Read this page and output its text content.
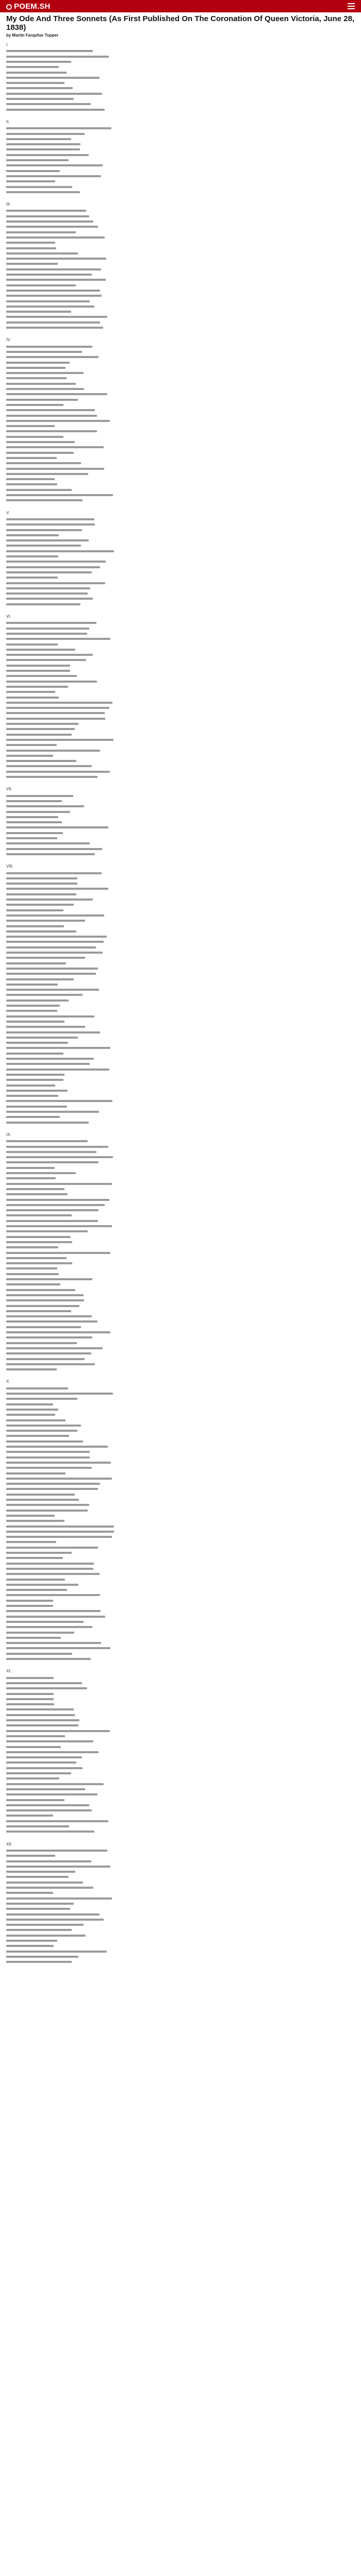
POEM.SH
My Ode And Three Sonnets (As First Published On The Coronation Of Queen Victoria, June 28, 1838)
by Martin Farquhar Tupper
I.
II.
III.
IV.
V.
VI.
VII.
VIII.
IX.
X.
XI.
XII.
